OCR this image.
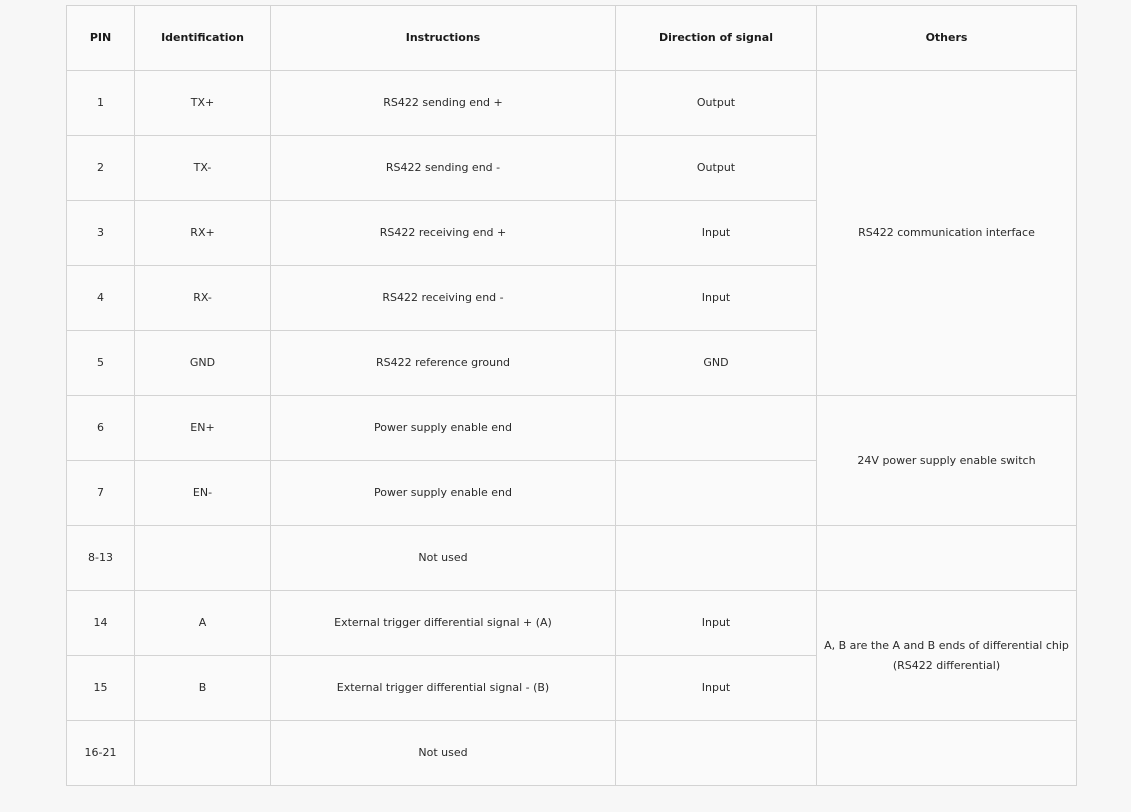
PIN	Identification	Instructions	Direction of signal	Others
1	TX+	RS422 sending end +	Output	RS422 communication interface
2	TX-	RS422 sending end -	Output	
3	RX+	RS422 receiving end +	Input	
4	RX-	RS422 receiving end -	Input	
5	GND	RS422 reference ground	GND	
6	EN+	Power supply enable end		24V power supply enable switch
7	EN-	Power supply enable end		
8-13		Not used		
14	A	External trigger differential signal + (A)	Input	A, B are the A and B ends of differential chip (RS422 differential)
15	B	External trigger differential signal - (B)	Input	
16-21		Not used		
